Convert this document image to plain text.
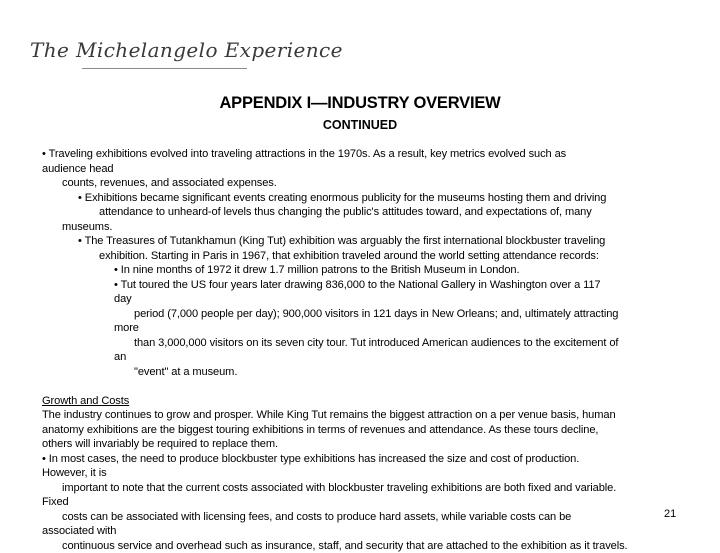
The Michelangelo Experience
APPENDIX I—INDUSTRY OVERVIEW
CONTINUED
• Traveling exhibitions evolved into traveling attractions in the 1970s. As a result, key metrics evolved such as
audience head
counts, revenues, and associated expenses.
• Exhibitions became significant events creating enormous publicity for the museums hosting them and driving
attendance to unheard-of levels thus changing the public's attitudes toward, and expectations of, many
museums.
• The Treasures of Tutankhamun (King Tut) exhibition was arguably the first international blockbuster traveling
exhibition. Starting in Paris in 1967, that exhibition traveled around the world setting attendance records:
• In nine months of 1972 it drew 1.7 million patrons to the British Museum in London.
• Tut toured the US four years later drawing 836,000 to the National Gallery in Washington over a 117
day
period (7,000 people per day); 900,000 visitors in 121 days in New Orleans; and, ultimately attracting
more
than 3,000,000 visitors on its seven city tour. Tut introduced American audiences to the excitement of
an
"event" at a museum.
Growth and Costs
The industry continues to grow and prosper. While King Tut remains the biggest attraction on a per venue basis, human
anatomy exhibitions are the biggest touring exhibitions in terms of revenues and attendance. As these tours decline,
others will invariably be required to replace them.
• In most cases, the need to produce blockbuster type exhibitions has increased the size and cost of production.
However, it is
important to note that the current costs associated with blockbuster traveling exhibitions are both fixed and variable.
Fixed
costs can be associated with licensing fees, and costs to produce hard assets, while variable costs can be
associated with
continuous service and overhead such as insurance, staff, and security that are attached to the exhibition as it travels.
21
